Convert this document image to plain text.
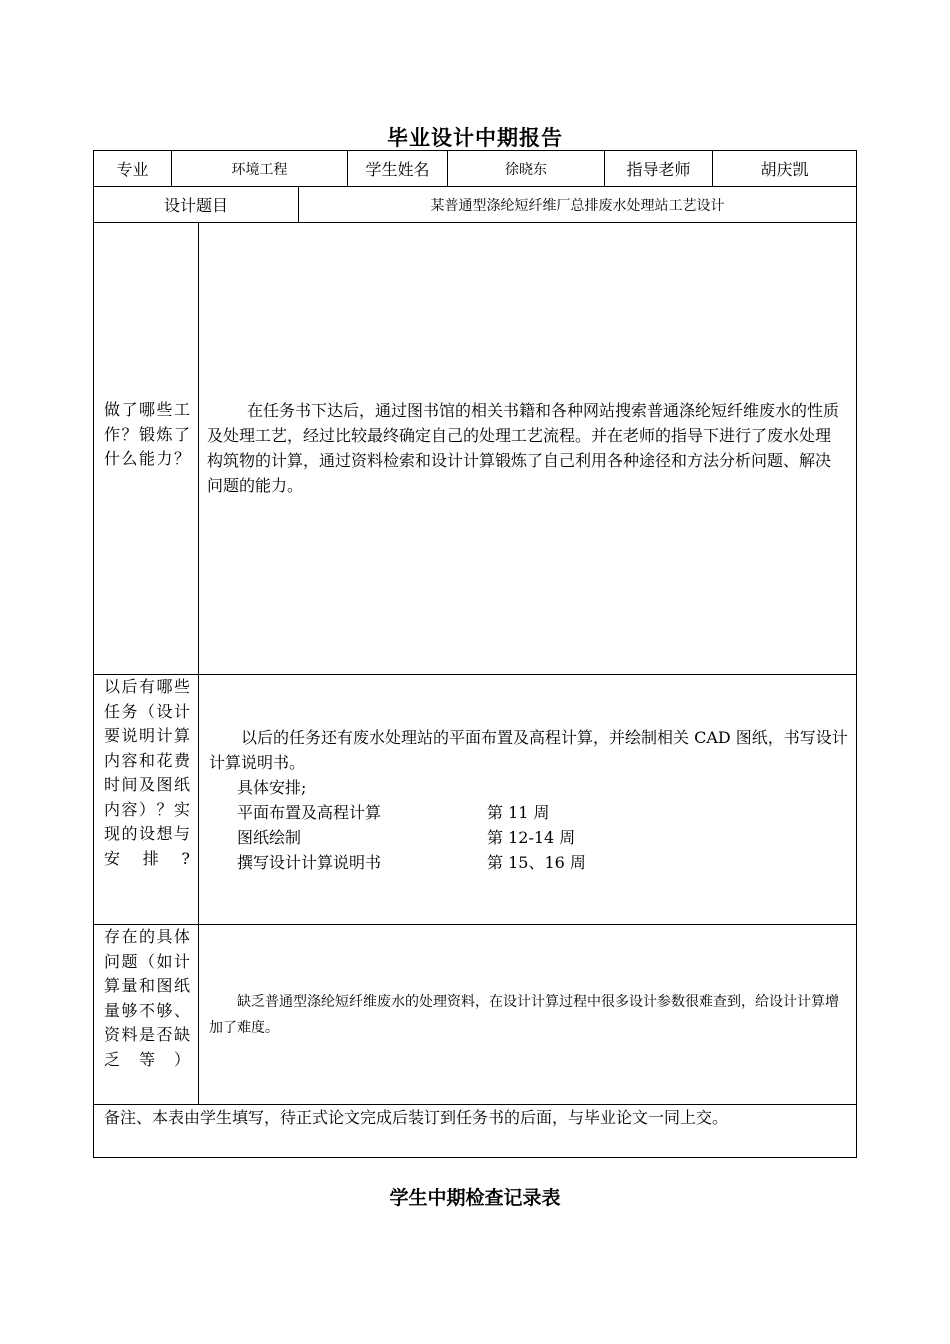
毕业设计中期报告
专业	环境工程	学生姓名	徐晓东	指导老师	胡庆凯
设计题目	某普通型涤纶短纤维厂总排废水处理站工艺设计
做了哪些工作？锻炼了什么能力？
在任务书下达后，通过图书馆的相关书籍和各种网站搜索普通涤纶短纤维废水的性质及处理工艺，经过比较最终确定自己的处理工艺流程。并在老师的指导下进行了废水处理构筑物的计算，通过资料检索和设计计算锻炼了自己利用各种途径和方法分析问题、解决问题的能力。
以后有哪些任务（设计要说明计算内容和花费时间及图纸内容）？实现的设想与安排?
以后的任务还有废水处理站的平面布置及高程计算，并绘制相关 CAD 图纸，书写设计计算说明书。
具体安排;
平面布置及高程计算	第 11 周
图纸绘制	第 12-14 周
撰写设计计算说明书	第 15、16 周
存在的具体问题（如计算量和图纸量够不够、资料是否缺乏等）
缺乏普通型涤纶短纤维废水的处理资料，在设计计算过程中很多设计参数很难查到，给设计计算增加了难度。
备注、本表由学生填写，待正式论文完成后装订到任务书的后面，与毕业论文一同上交。
学生中期检查记录表
